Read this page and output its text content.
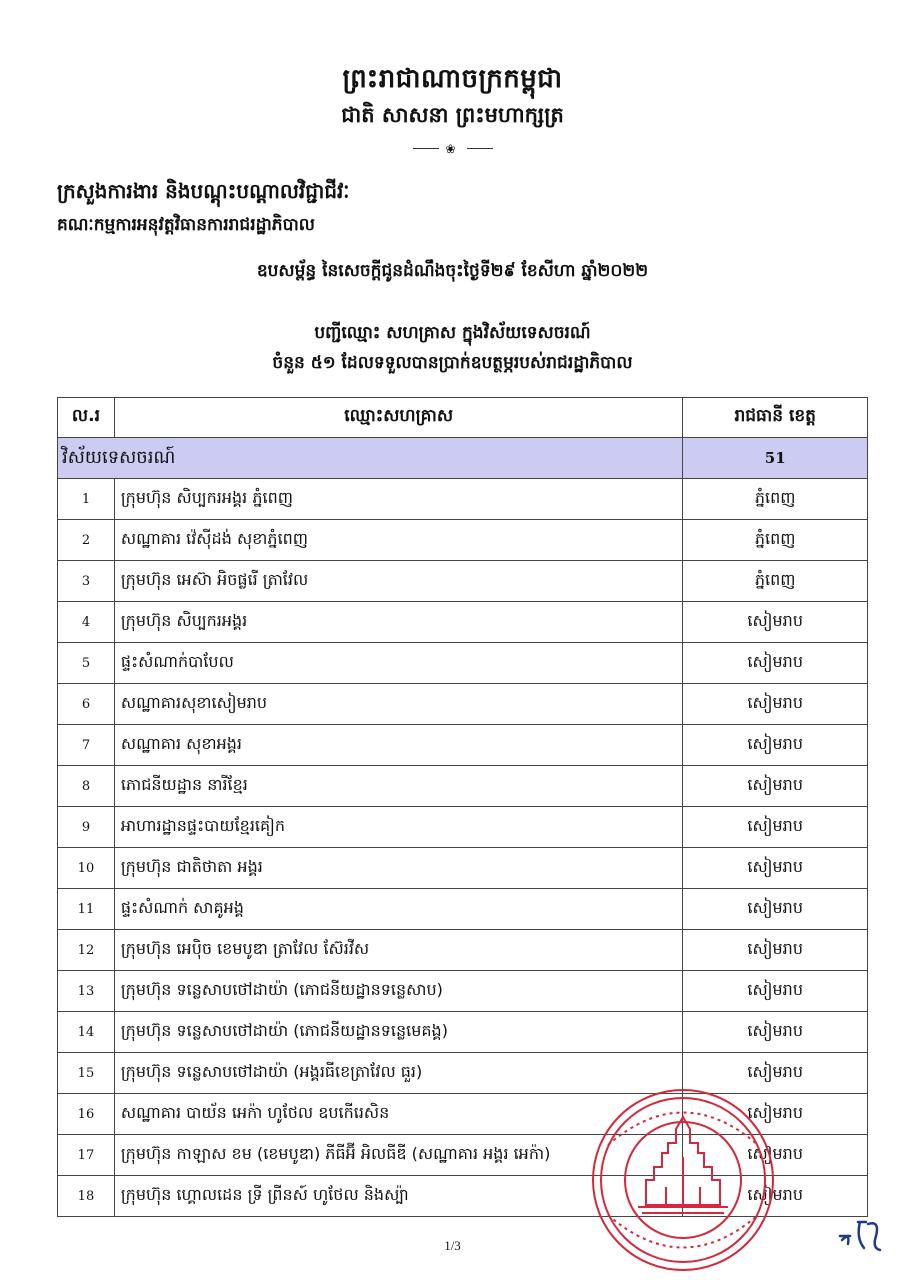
ព្រះរាជាណាចក្រកម្ពុជា
ជាតិ សាសនា ព្រះមហាក្សត្រ
❀
ក្រសួងការងារ និងបណ្តុះបណ្តាលវិជ្ជាជីវៈ
គណៈកម្មការអនុវត្តវិធានការរាជរដ្ឋាភិបាល
ឧបសម្ព័ន្ធ នៃសេចក្តីជូនដំណឹងចុះថ្ងៃទី២៩ ខែសីហា ឆ្នាំ២០២២
បញ្ជីឈ្មោះ សហគ្រាស ក្នុងវិស័យទេសចរណ៍
ចំនួន ៥១ ដែលទទួលបានប្រាក់ឧបត្ថម្ភរបស់រាជរដ្ឋាភិបាល
ល.រ	ឈ្មោះសហគ្រាស	រាជធានី ខេត្ត
វិស័យទេសចរណ៍		51
1	ក្រុមហ៊ុន សិប្បករអង្គរ ភ្នំពេញ	ភ្នំពេញ
2	សណ្ឋាគារ វ៉េស៊ីដង់ សុខាភ្នំពេញ	ភ្នំពេញ
3	ក្រុមហ៊ុន អេស៊ា អិចផ្លរើ ត្រាវែល	ភ្នំពេញ
4	ក្រុមហ៊ុន សិប្បករអង្គរ	សៀមរាប
5	ផ្ទះសំណាក់បាបែល	សៀមរាប
6	សណ្ឋាគារសុខាសៀមរាប	សៀមរាប
7	សណ្ឋាគារ សុខាអង្គរ	សៀមរាប
8	ភោជនីយដ្ឋាន នារីខ្មែរ	សៀមរាប
9	អាហារដ្ឋានផ្ទះបាយខ្មែរគៀក	សៀមរាប
10	ក្រុមហ៊ុន ជាតិថាតា អង្គរ	សៀមរាប
11	ផ្ទះសំណាក់ សាគូអង្គ	សៀមរាប
12	ក្រុមហ៊ុន អេប៉ិច ខេមបូឌា ត្រាវែល ស៊ែរវីស	សៀមរាប
13	ក្រុមហ៊ុន ទន្លេសាបថៅដាយ៉ា (ភោជនីយដ្ឋានទន្លេសាប)	សៀមរាប
14	ក្រុមហ៊ុន ទន្លេសាបថៅដាយ៉ា (ភោជនីយដ្ឋានទន្លេមេគង្គ)	សៀមរាប
15	ក្រុមហ៊ុន ទន្លេសាបថៅដាយ៉ា (អង្គរធីខេត្រាវែល ធួរ)	សៀមរាប
16	សណ្ឋាគារ បាយ័ន អេក៉ា ហូថែល ឧបកើរេសិន	សៀមរាប
17	ក្រុមហ៊ុន កាឡាស ខម (ខេមបូឌា) ភីធីអ៊ី អិលធីឌី (សណ្ឋាគារ អង្គរ អេក៉ា)	សៀមរាប
18	ក្រុមហ៊ុន ហ្គោលដេន ទ្រី ព្រីនស៍ ហូថែល និងស្ប៉ា	សៀមរាប
1/3
